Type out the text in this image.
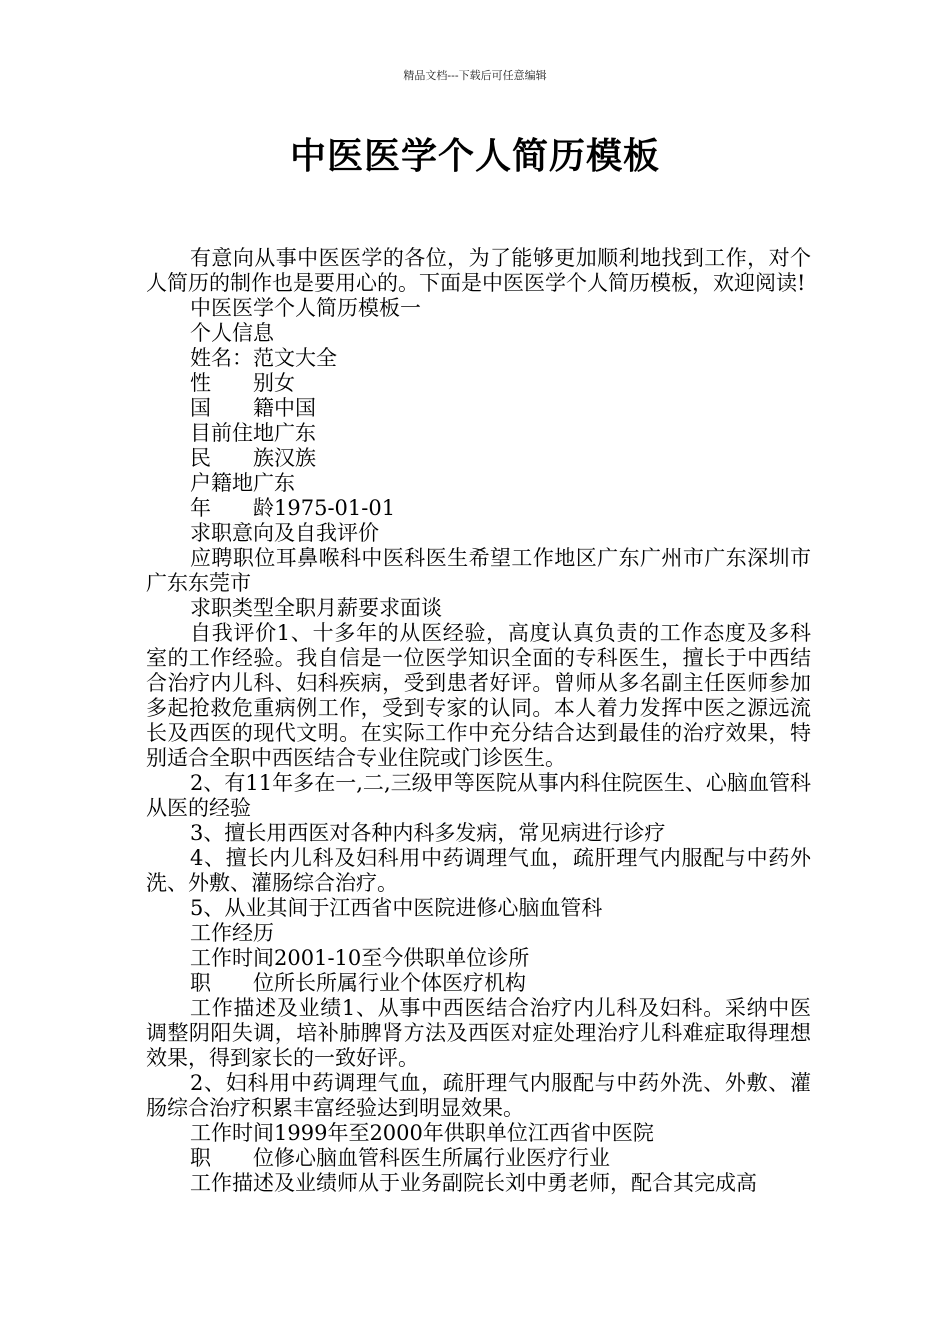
精品文档---下载后可任意编辑
中医医学个人简历模板

有意向从事中医医学的各位，为了能够更加顺利地找到工作，对个人简历的制作也是要用心的。下面是中医医学个人简历模板，欢迎阅读!

中医医学个人简历模板一

个人信息

姓名：范文大全

性　　别女

国　　籍中国

目前住地广东

民　　族汉族

户籍地广东

年　　龄1975-01-01

求职意向及自我评价

应聘职位耳鼻喉科中医科医生希望工作地区广东广州市广东深圳市广东东莞市

求职类型全职月薪要求面谈

自我评价1、十多年的从医经验，高度认真负责的工作态度及多科室的工作经验。我自信是一位医学知识全面的专科医生，擅长于中西结合治疗内儿科、妇科疾病，受到患者好评。曾师从多名副主任医师参加多起抢救危重病例工作，受到专家的认同。本人着力发挥中医之源远流长及西医的现代文明。在实际工作中充分结合达到最佳的治疗效果，特别适合全职中西医结合专业住院或门诊医生。

2、有11年多在一,二,三级甲等医院从事内科住院医生、心脑血管科从医的经验

3、擅长用西医对各种内科多发病，常见病进行诊疗

4、擅长内儿科及妇科用中药调理气血，疏肝理气内服配与中药外洗、外敷、灌肠综合治疗。

5、从业其间于江西省中医院进修心脑血管科

工作经历

工作时间2001-10至今供职单位诊所

职　　位所长所属行业个体医疗机构

工作描述及业绩1、从事中西医结合治疗内儿科及妇科。采纳中医调整阴阳失调，培补肺脾肾方法及西医对症处理治疗儿科难症取得理想效果，得到家长的一致好评。

2、妇科用中药调理气血，疏肝理气内服配与中药外洗、外敷、灌肠综合治疗积累丰富经验达到明显效果。

工作时间1999年至2000年供职单位江西省中医院

职　　位修心脑血管科医生所属行业医疗行业

工作描述及业绩师从于业务副院长刘中勇老师，配合其完成高
